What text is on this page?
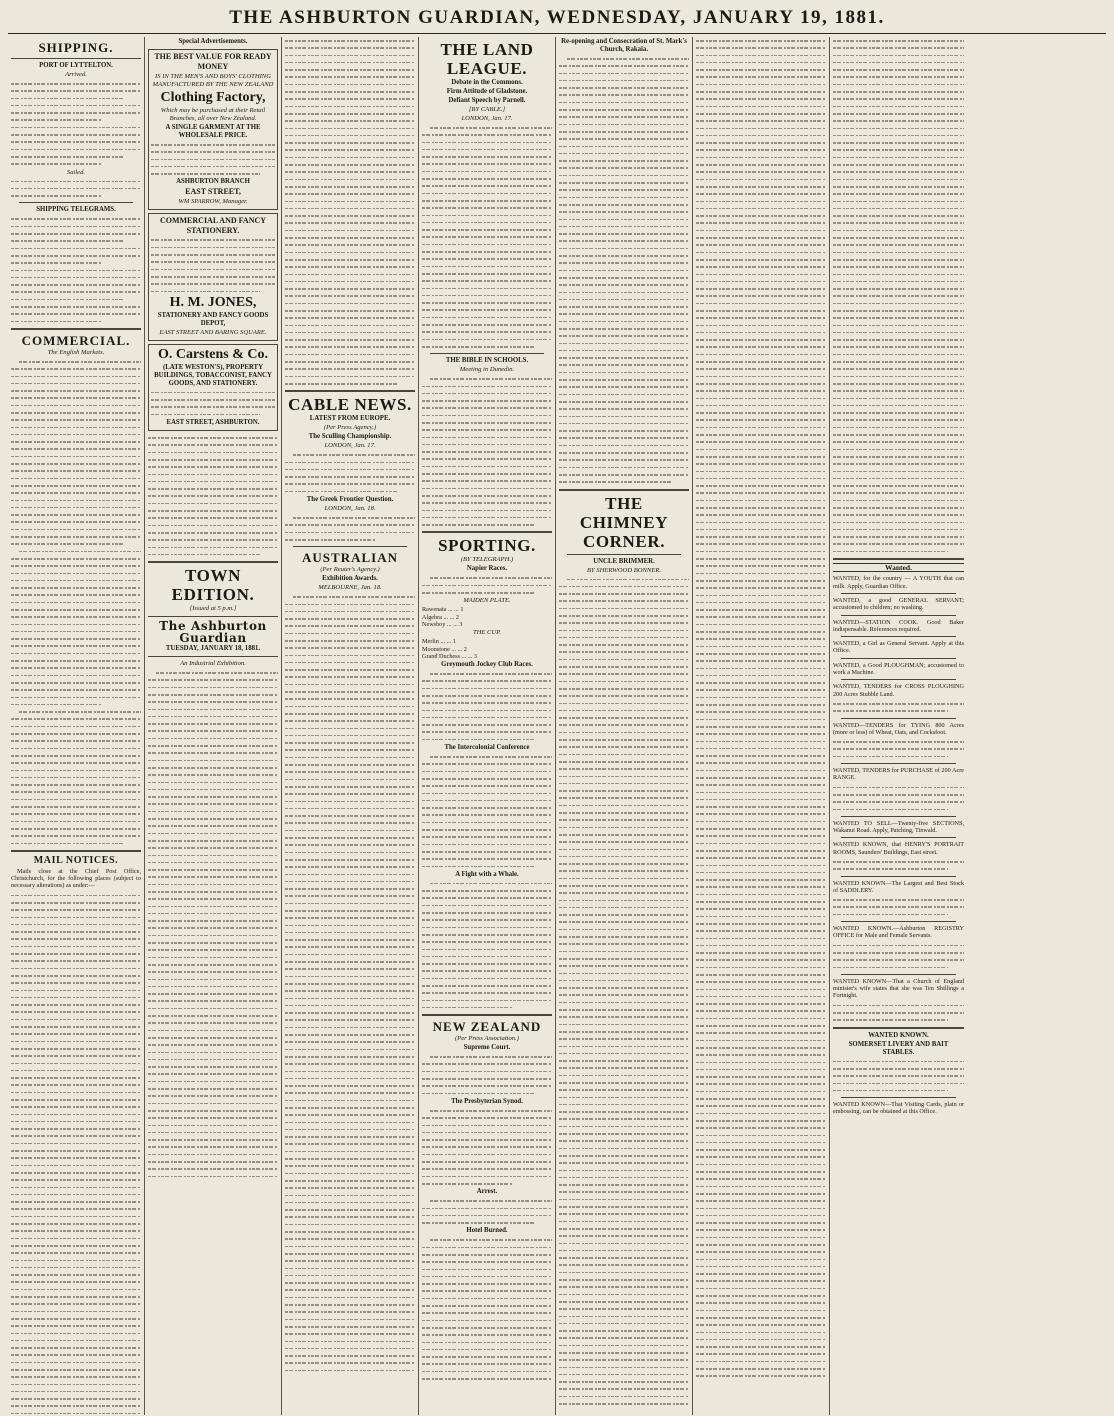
THE ASHBURTON GUARDIAN, WEDNESDAY, JANUARY 19, 1881.
SHIPPING.
PORT OF LYTTELTON.
Arrived.
Sailed.
SHIPPING TELEGRAMS.
COMMERCIAL.
The English Markets.
MAIL NOTICES.

Mails close at the Chief Post Office, Christchurch, for the following places (subject to necessary alterations) as under:—

Special Advertisements.
THE BEST VALUE FOR READY MONEY
IS IN THE MEN'S AND BOYS' CLOTHING MANUFACTURED BY THE NEW ZEALAND
Clothing Factory,
Which may be purchased at their Retail Branches, all over New Zealand.
A SINGLE GARMENT AT THE WHOLESALE PRICE.
ASHBURTON BRANCH
EAST STREET,
WM SPARROW, Manager.
COMMERCIAL AND FANCY STATIONERY.
H. M. JONES,
STATIONERY AND FANCY GOODS DEPOT,
EAST STREET AND BARING SQUARE.
O. Carstens & Co.
(LATE WESTON'S), PROPERTY BUILDINGS, TOBACCONIST, FANCY GOODS, AND STATIONERY.
EAST STREET, ASHBURTON.
TOWN EDITION.
[Issued at 5 p.m.]
The Ashburton Guardian
TUESDAY, JANUARY 18, 1881.
An Industrial Exhibition.
CABLE NEWS.
LATEST FROM EUROPE.
(Per Press Agency.)
The Sculling Championship.
LONDON, Jan. 17.
The Greek Frontier Question.
LONDON, Jan. 18.
AUSTRALIAN
(Per Reuter's Agency.)
Exhibition Awards.
MELBOURNE, Jan. 18.
THE LAND LEAGUE.
Debate in the Commons.
Firm Attitude of Gladstone.
Defiant Speech by Parnell.
[BY CABLE.]
LONDON, Jan. 17.
THE BIBLE IN SCHOOLS.
Meeting in Dunedin.
SPORTING.
(BY TELEGRAPH.)
Napier Races.
MAIDEN PLATE.
Rawenata ... ... 1
Algebra ... ... 2
Newsboy ... ... 3
THE CUP.
Merlin ... ... 1
Moonstone ... ... 2
Grand Duchess ... ... 3
Greymouth Jockey Club Races.
The Intercolonial Conference
A Fight with a Whale.
NEW ZEALAND
(Per Press Association.)
Supreme Court.
The Presbyterian Synod.
Arrest.
Hotel Burned.
Re-opening and Consecration of St. Mark's Church, Rakaia.
THE CHIMNEY CORNER.
UNCLE BRIMMER.
BY SHERWOOD BONNER.	Wanted.
WANTED, for the country — A YOUTH that can milk. Apply, Guardian Office.
WANTED, a good GENERAL SERVANT; accustomed to children; no washing.
WANTED—STATION COOK. Good Baker indispensable. References required.
WANTED, a Girl as General Servant. Apply at this Office.
WANTED, a Good PLOUGHMAN; accustomed to work a Machine.
WANTED, TENDERS for CROSS PLOUGHING 200 Acres Stubble Land.
WANTED—TENDERS for TYING 800 Acres (more or less) of Wheat, Oats, and Cocksfoot.
WANTED, TENDERS for PURCHASE of 200 Acre RANGE.
WANTED TO SELL—Twenty-five SECTIONS, Wakanui Road. Apply, Patching, Tinwald.
WANTED KNOWN, that HENRY'S PORTRAIT ROOMS, Saunders' Buildings, East street.
WANTED KNOWN—The Largest and Best Stock of SADDLERY.
WANTED KNOWN.—Ashburton REGISTRY OFFICE for Male and Female Servants.
WANTED KNOWN—That a Church of England minister's wife states that she was Ten Shillings a Fortnight.
WANTED KNOWN.
SOMERSET LIVERY AND BAIT STABLES.
WANTED KNOWN—That Visiting Cards, plain or embossing, can be obtained at this Office.
